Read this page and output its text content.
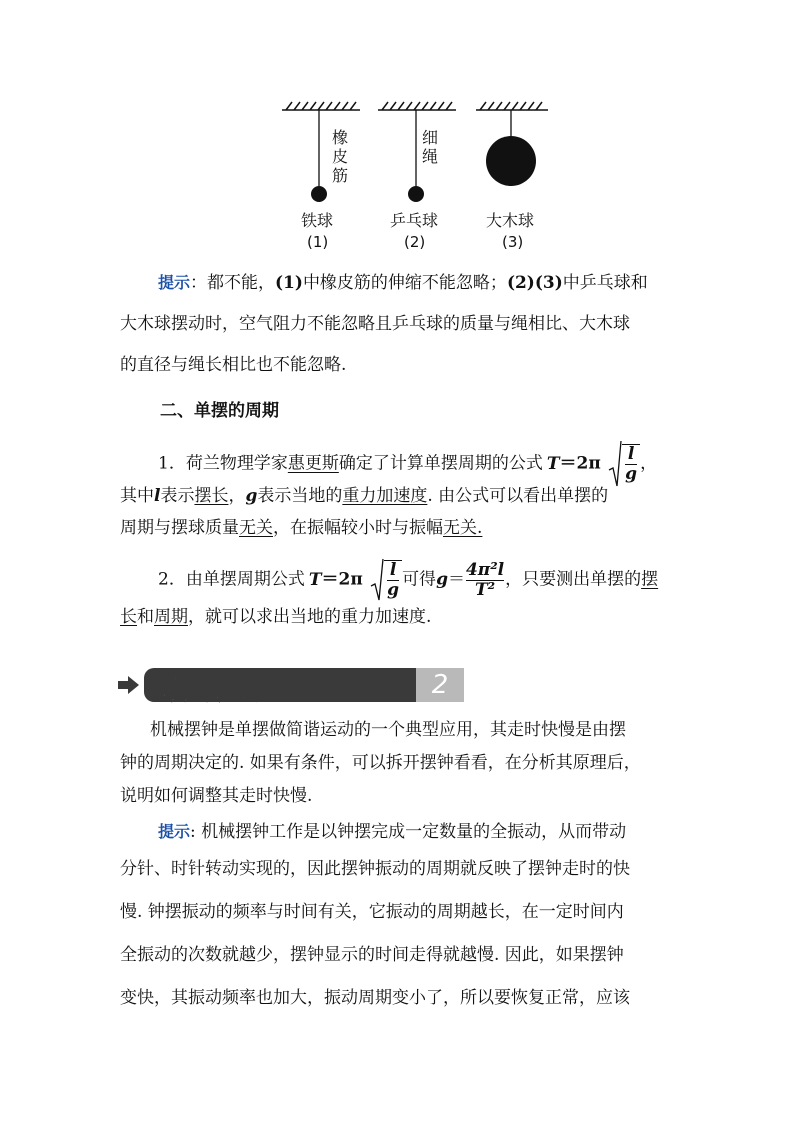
橡
皮
筋
细
绳
铁球	乒乓球	大木球
(1)	(2)	(3)
提示：都不能，(1)中橡皮筋的伸缩不能忽略；(2)(3)中乒乓球和
大木球摆动时，空气阻力不能忽略且乒乓球的质量与绳相比、大木球
的直径与绳长相比也不能忽略.
二、单摆的周期
1．荷兰物理学家惠更斯确定了计算单摆周期的公式 $T=2\pi \frac{l}{g}$ ，
其中l表示摆长，g表示当地的重力加速度. 由公式可以看出单摆的
周期与摆球质量无关，在振幅较小时与振幅无关.
2．由单摆周期公式 $T=2\pi \frac{l}{g}$ 可得$g= \frac{\text{4π²l}}{\text{T²}}$ ，只要测出单摆的摆
长和周期，就可以求出当地的重力加速度.
对点训练	2
机械摆钟是单摆做简谐运动的一个典型应用，其走时快慢是由摆
钟的周期决定的. 如果有条件，可以拆开摆钟看看，在分析其原理后，
说明如何调整其走时快慢.
提示: 机械摆钟工作是以钟摆完成一定数量的全振动，从而带动
分针、时针转动实现的，因此摆钟振动的周期就反映了摆钟走时的快
慢. 钟摆振动的频率与时间有关，它振动的周期越长，在一定时间内
全振动的次数就越少，摆钟显示的时间走得就越慢. 因此，如果摆钟
变快，其振动频率也加大，振动周期变小了，所以要恢复正常，应该
